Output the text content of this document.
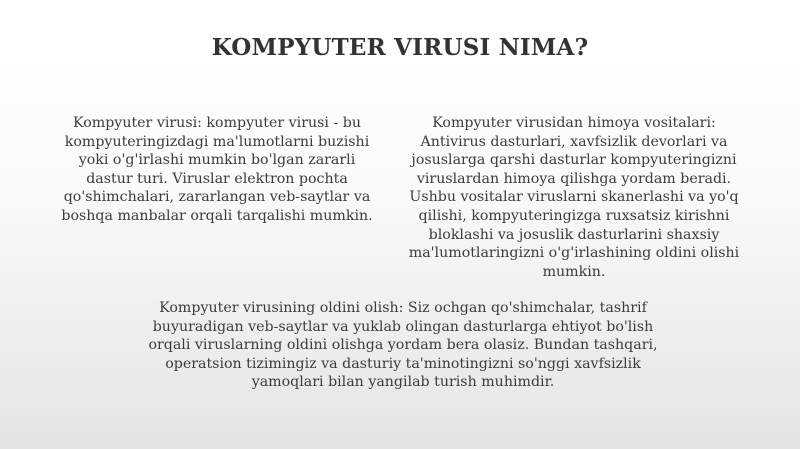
KOMPYUTER VIRUSI NIMA?
Kompyuter virusi: kompyuter virusi - bu kompyuteringizdagi ma'lumotlarni buzishi yoki o'g'irlashi mumkin bo'lgan zararli dastur turi. Viruslar elektron pochta qo'shimchalari, zararlangan veb-saytlar va boshqa manbalar orqali tarqalishi mumkin.
Kompyuter virusidan himoya vositalari: Antivirus dasturlari, xavfsizlik devorlari va josuslarga qarshi dasturlar kompyuteringizni viruslardan himoya qilishga yordam beradi. Ushbu vositalar viruslarni skanerlashi va yo'q qilishi, kompyuteringizga ruxsatsiz kirishni bloklashi va josuslik dasturlarini shaxsiy ma'lumotlaringizni o'g'irlashining oldini olishi mumkin.
Kompyuter virusining oldini olish: Siz ochgan qo'shimchalar, tashrif buyuradigan veb-saytlar va yuklab olingan dasturlarga ehtiyot bo'lish orqali viruslarning oldini olishga yordam bera olasiz. Bundan tashqari, operatsion tizimingiz va dasturiy ta'minotingizni so'nggi xavfsizlik yamoqlari bilan yangilab turish muhimdir.
